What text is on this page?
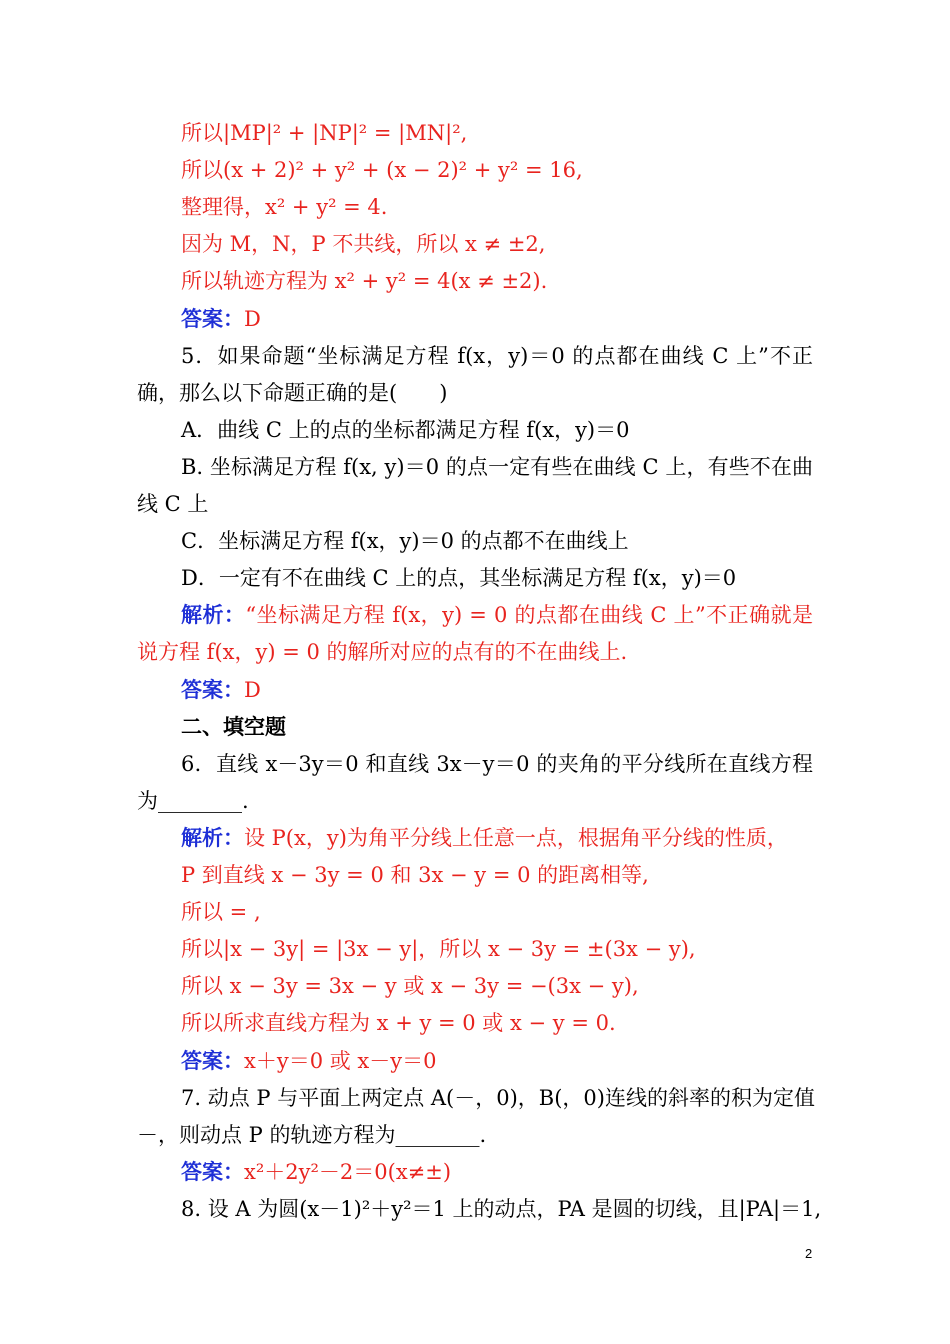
所以|MP|² + |NP|² = |MN|²,
所以(x + 2)² + y² + (x − 2)² + y² = 16,
整理得，x² + y² = 4.
因为 M，N，P 不共线，所以 x ≠ ±2,
所以轨迹方程为 x² + y² = 4(x ≠ ±2).
答案：D
5．如果命题“坐标满足方程 f(x，y)＝0 的点都在曲线 C 上”不正
确，那么以下命题正确的是(　　)
A．曲线 C 上的点的坐标都满足方程 f(x，y)＝0
B. 坐标满足方程 f(x, y)＝0 的点一定有些在曲线 C 上，有些不在曲
线 C 上
C．坐标满足方程 f(x，y)＝0 的点都不在曲线上
D．一定有不在曲线 C 上的点，其坐标满足方程 f(x，y)＝0
解析：“坐标满足方程 f(x，y) = 0 的点都在曲线 C 上”不正确就是
说方程 f(x，y) = 0 的解所对应的点有的不在曲线上.
答案：D
二、填空题
6．直线 x－3y＝0 和直线 3x－y＝0 的夹角的平分线所在直线方程
为________.
解析：设 P(x，y)为角平分线上任意一点，根据角平分线的性质，
P 到直线 x − 3y = 0 和 3x − y = 0 的距离相等,
所以 = ,
所以|x − 3y| = |3x − y|，所以 x − 3y = ±(3x − y),
所以 x − 3y = 3x − y 或 x − 3y = −(3x − y),
所以所求直线方程为 x + y = 0 或 x − y = 0.
答案：x＋y＝0 或 x－y＝0
7. 动点 P 与平面上两定点 A(－，0)，B(，0)连线的斜率的积为定值
－，则动点 P 的轨迹方程为________.
答案：x²＋2y²－2＝0(x≠±)
8. 设 A 为圆(x－1)²＋y²＝1 上的动点，PA 是圆的切线，且|PA|＝1,
2
